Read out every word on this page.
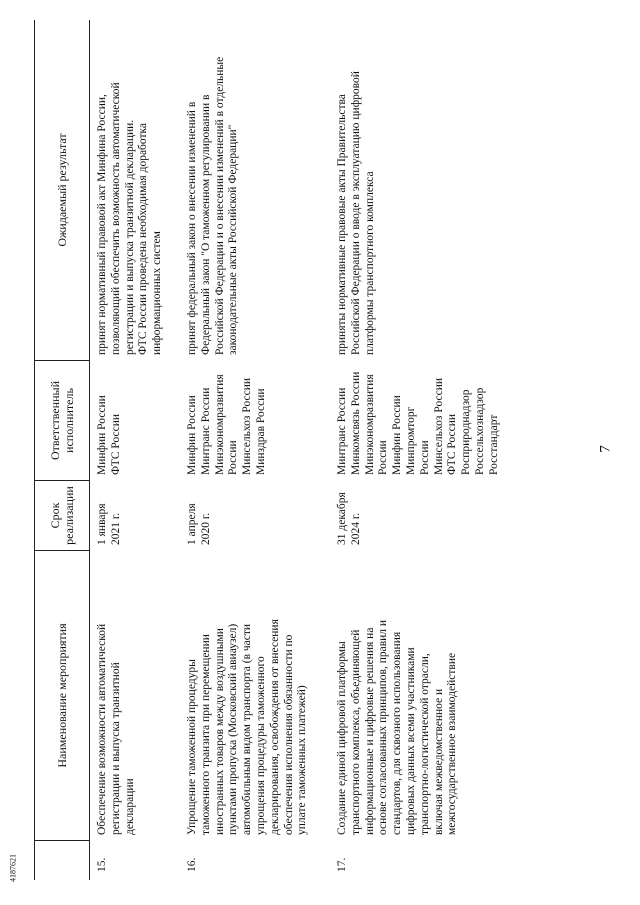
7
4187621
Наименование мероприятия
Срок
реализации
Ответственный
исполнитель
Ожидаемый результат
15.
Обеспечение возможности автоматической
регистрации и выпуска транзитной
декларации
1 января
2021 г.
Минфин России
ФТС России
принят нормативный правовой акт Минфина России,
позволяющий обеспечить возможность автоматической
регистрации и выпуска транзитной декларации.
ФТС России проведена необходимая доработка
информационных систем
16.
Упрощение таможенной процедуры
таможенного транзита при перемещении
иностранных товаров между воздушными
пунктами пропуска (Московский авиаузел)
автомобильным видом транспорта (в части
упрощения процедуры таможенного
декларирования, освобождения от внесения
обеспечения исполнения обязанности по
уплате таможенных платежей)
1 апреля
2020 г.
Минфин России
Минтранс России
Минэкономразвития
России
Минсельхоз России
Минздрав России
принят федеральный закон о внесении изменений в
Федеральный закон "О таможенном регулировании в
Российской Федерации и о внесении изменений в отдельные
законодательные акты Российской Федерации"
17.
Создание единой цифровой платформы
транспортного комплекса, объединяющей
информационные и цифровые решения на
основе согласованных принципов, правил и
стандартов, для сквозного использования
цифровых данных всеми участниками
транспортно-логистической отрасли,
включая межведомственное и
межгосударственное взаимодействие
31 декабря
2024 г.
Минтранс России
Минкомсвязь России
Минэкономразвития
России
Минфин России
Минпромторг
России
Минсельхоз России
ФТС России
Росприроднадзор
Россельхознадзор
Росстандарт
приняты нормативные правовые акты Правительства
Российской Федерации о вводе в эксплуатацию цифровой
платформы транспортного комплекса
